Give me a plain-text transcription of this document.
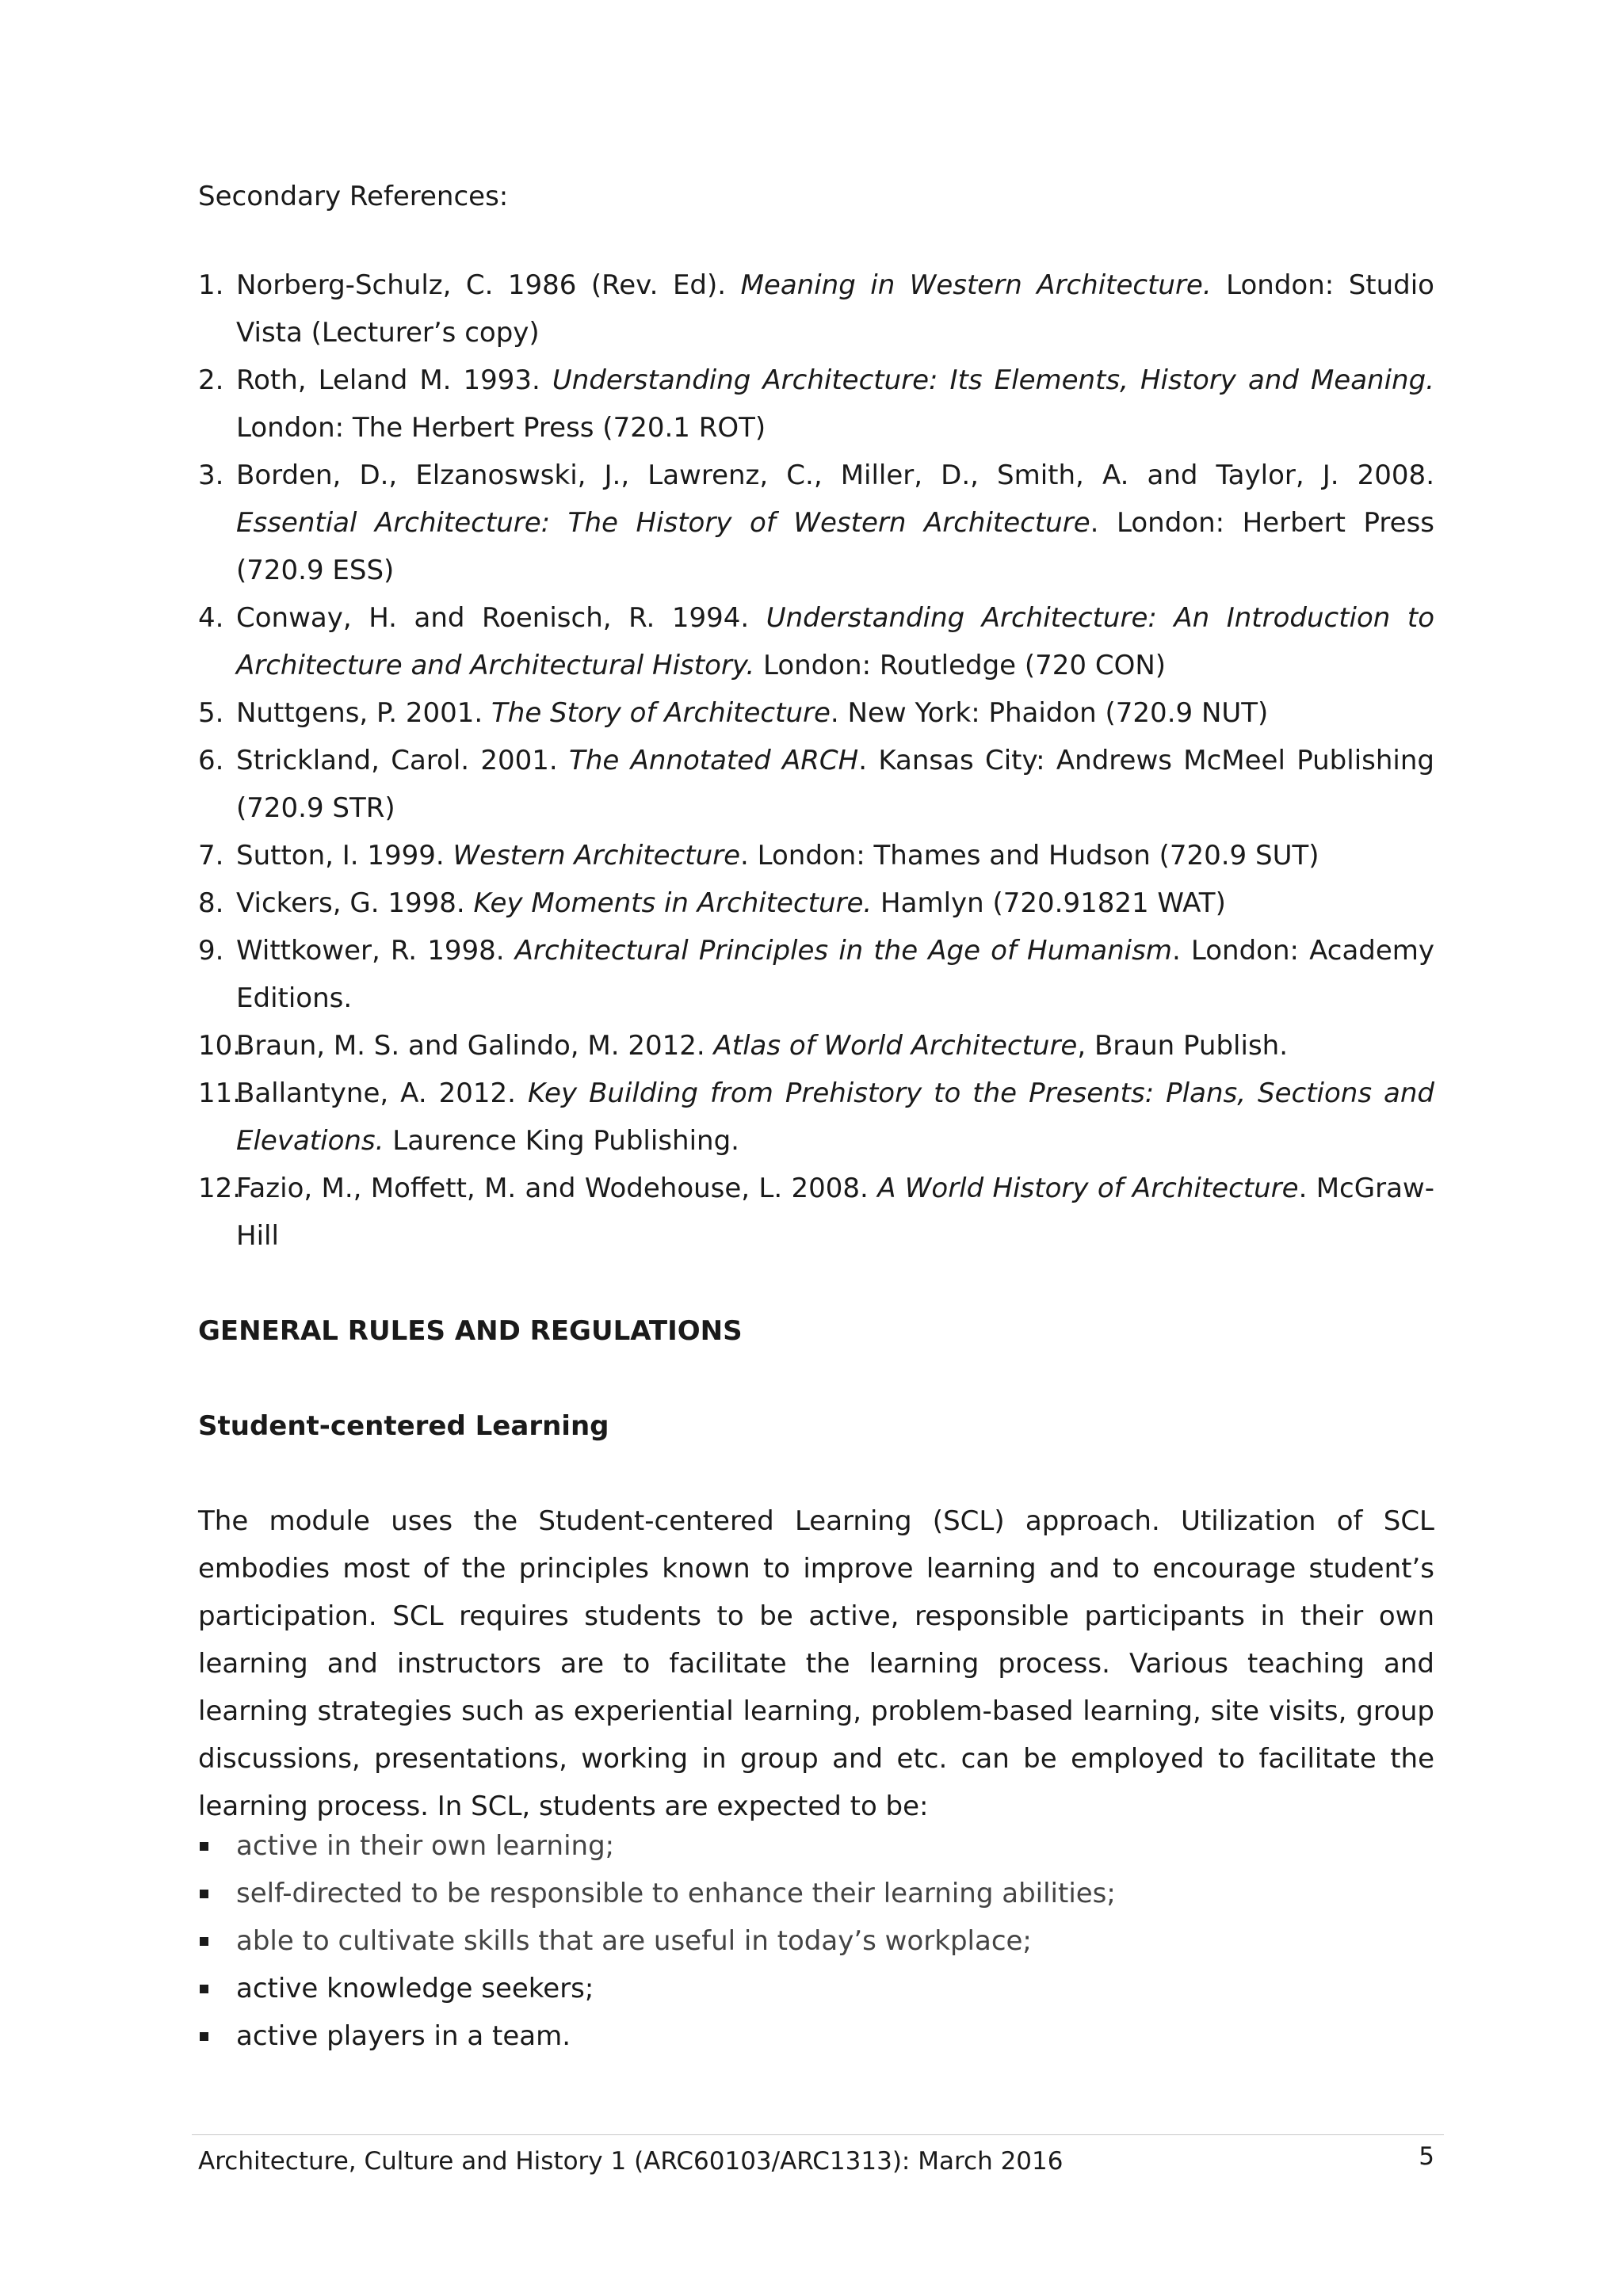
Secondary References:
1. Norberg-Schulz, C. 1986 (Rev. Ed). Meaning in Western Architecture. London: Studio Vista (Lecturer’s copy)
2. Roth, Leland M. 1993. Understanding Architecture: Its Elements, History and Meaning. London: The Herbert Press (720.1 ROT)
3. Borden, D., Elzanoswski, J., Lawrenz, C., Miller, D., Smith, A. and Taylor, J. 2008. Essential Architecture: The History of Western Architecture. London: Herbert Press (720.9 ESS)
4. Conway, H. and Roenisch, R. 1994. Understanding Architecture: An Introduction to Architecture and Architectural History. London: Routledge (720 CON)
5. Nuttgens, P. 2001. The Story of Architecture. New York: Phaidon (720.9 NUT)
6. Strickland, Carol. 2001. The Annotated ARCH. Kansas City: Andrews McMeel Publishing (720.9 STR)
7. Sutton, I. 1999. Western Architecture. London: Thames and Hudson (720.9 SUT)
8. Vickers, G. 1998. Key Moments in Architecture. Hamlyn (720.91821 WAT)
9. Wittkower, R. 1998. Architectural Principles in the Age of Humanism. London: Academy Editions.
10.
Braun, M. S. and Galindo, M. 2012. Atlas of World Architecture, Braun Publish.
11.
Ballantyne, A. 2012. Key Building from Prehistory to the Presents: Plans, Sections and Elevations. Laurence King Publishing.
12.
Fazio, M., Moffett, M. and Wodehouse, L. 2008. A World History of Architecture. McGraw-Hill
GENERAL RULES AND REGULATIONS
Student-centered Learning

The module uses the Student-centered Learning (SCL) approach. Utilization of SCL embodies most of the principles known to improve learning and to encourage student’s participation. SCL requires students to be active, responsible participants in their own learning and instructors are to facilitate the learning process. Various teaching and learning strategies such as experiential learning, problem-based learning, site visits, group discussions, presentations, working in group and etc. can be employed to facilitate the learning process. In SCL, students are expected to be:

active in their own learning;
self-directed to be responsible to enhance their learning abilities;
able to cultivate skills that are useful in today’s workplace;
active knowledge seekers;
active players in a team.
Architecture, Culture and History 1 (ARC60103/ARC1313): March 2016	5
